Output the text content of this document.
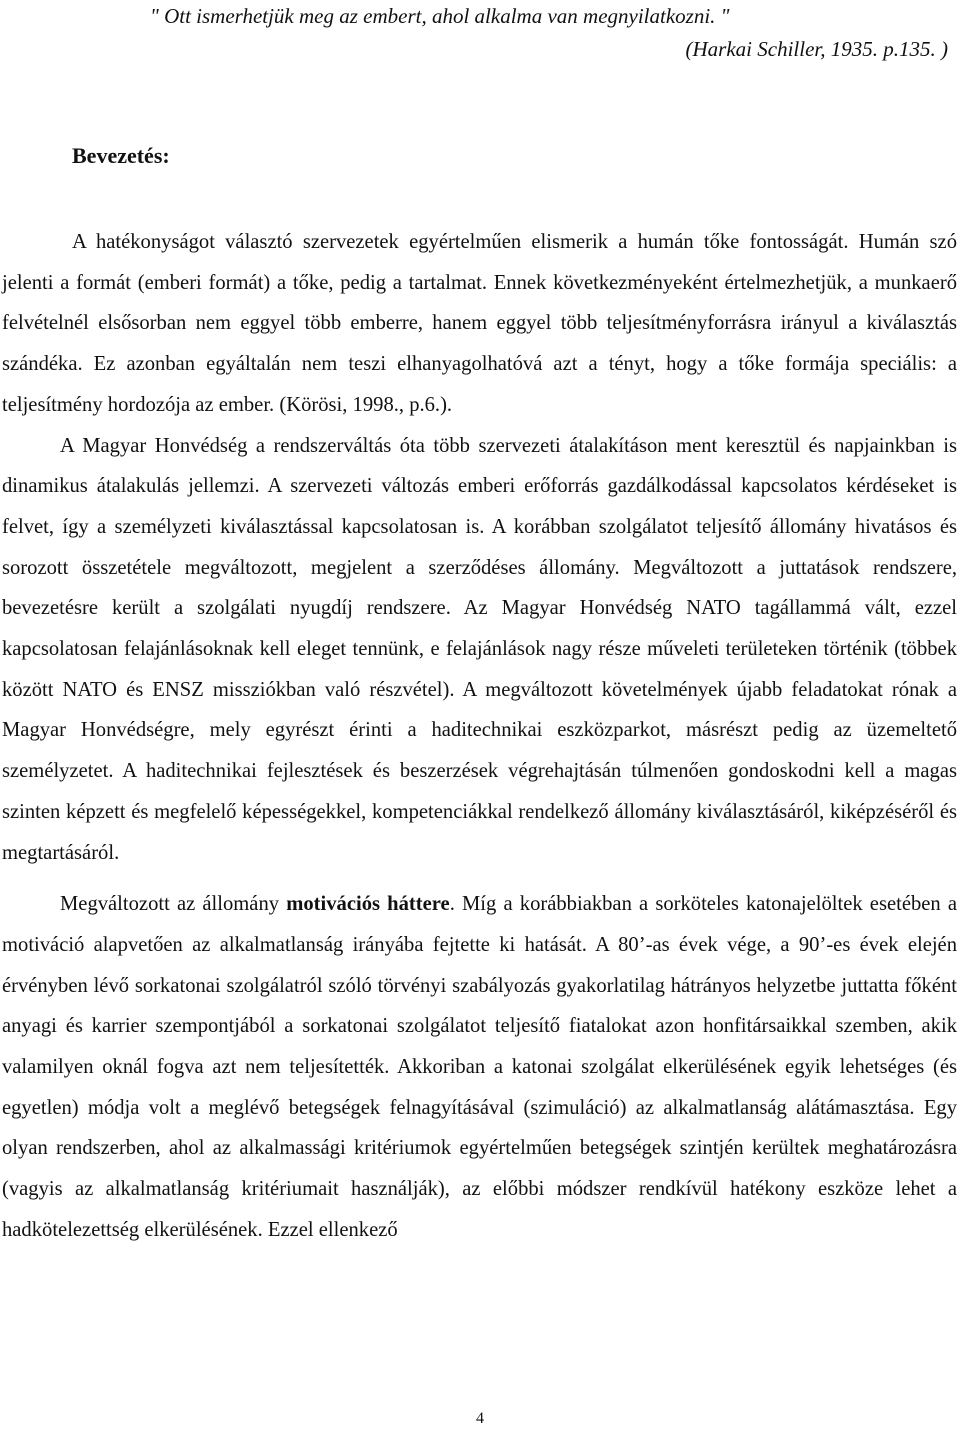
" Ott ismerhetjük meg az embert, ahol alkalma van megnyilatkozni. "
(Harkai Schiller, 1935. p.135. )
Bevezetés:

A hatékonyságot választó szervezetek egyértelműen elismerik a humán tőke fontosságát. Humán szó jelenti a formát (emberi formát) a tőke, pedig a tartalmat. Ennek következményeként értelmezhetjük, a munkaerő felvételnél elsősorban nem eggyel több emberre, hanem eggyel több teljesítményforrásra irányul a kiválasztás szándéka. Ez azonban egyáltalán nem teszi elhanyagolhatóvá azt a tényt, hogy a tőke formája speciális: a teljesítmény hordozója az ember. (Körösi, 1998., p.6.).

A Magyar Honvédség a rendszerváltás óta több szervezeti átalakításon ment keresztül és napjainkban is dinamikus átalakulás jellemzi. A szervezeti változás emberi erőforrás gazdálkodással kapcsolatos kérdéseket is felvet, így a személyzeti kiválasztással kapcsolatosan is. A korábban szolgálatot teljesítő állomány hivatásos és sorozott összetétele megváltozott, megjelent a szerződéses állomány. Megváltozott a juttatások rendszere, bevezetésre került a szolgálati nyugdíj rendszere. Az Magyar Honvédség NATO tagállammá vált, ezzel kapcsolatosan felajánlásoknak kell eleget tennünk, e felajánlások nagy része műveleti területeken történik (többek között NATO és ENSZ missziókban való részvétel). A megváltozott követelmények újabb feladatokat rónak a Magyar Honvédségre, mely egyrészt érinti a haditechnikai eszközparkot, másrészt pedig az üzemeltető személyzetet. A haditechnikai fejlesztések és beszerzések végrehajtásán túlmenően gondoskodni kell a magas szinten képzett és megfelelő képességekkel, kompetenciákkal rendelkező állomány kiválasztásáról, kiképzéséről és megtartásáról.

Megváltozott az állomány motivációs háttere. Míg a korábbiakban a sorköteles katonajelöltek esetében a motiváció alapvetően az alkalmatlanság irányába fejtette ki hatását. A 80’-as évek vége, a 90’-es évek elején érvényben lévő sorkatonai szolgálatról szóló törvényi szabályozás gyakorlatilag hátrányos helyzetbe juttatta főként anyagi és karrier szempontjából a sorkatonai szolgálatot teljesítő fiatalokat azon honfitársaikkal szemben, akik valamilyen oknál fogva azt nem teljesítették. Akkoriban a katonai szolgálat elkerülésének egyik lehetséges (és egyetlen) módja volt a meglévő betegségek felnagyításával (szimuláció) az alkalmatlanság alátámasztása. Egy olyan rendszerben, ahol az alkalmassági kritériumok egyértelműen betegségek szintjén kerültek meghatározásra (vagyis az alkalmatlanság kritériumait használják), az előbbi módszer rendkívül hatékony eszköze lehet a hadkötelezettség elkerülésének. Ezzel ellenkező

4
